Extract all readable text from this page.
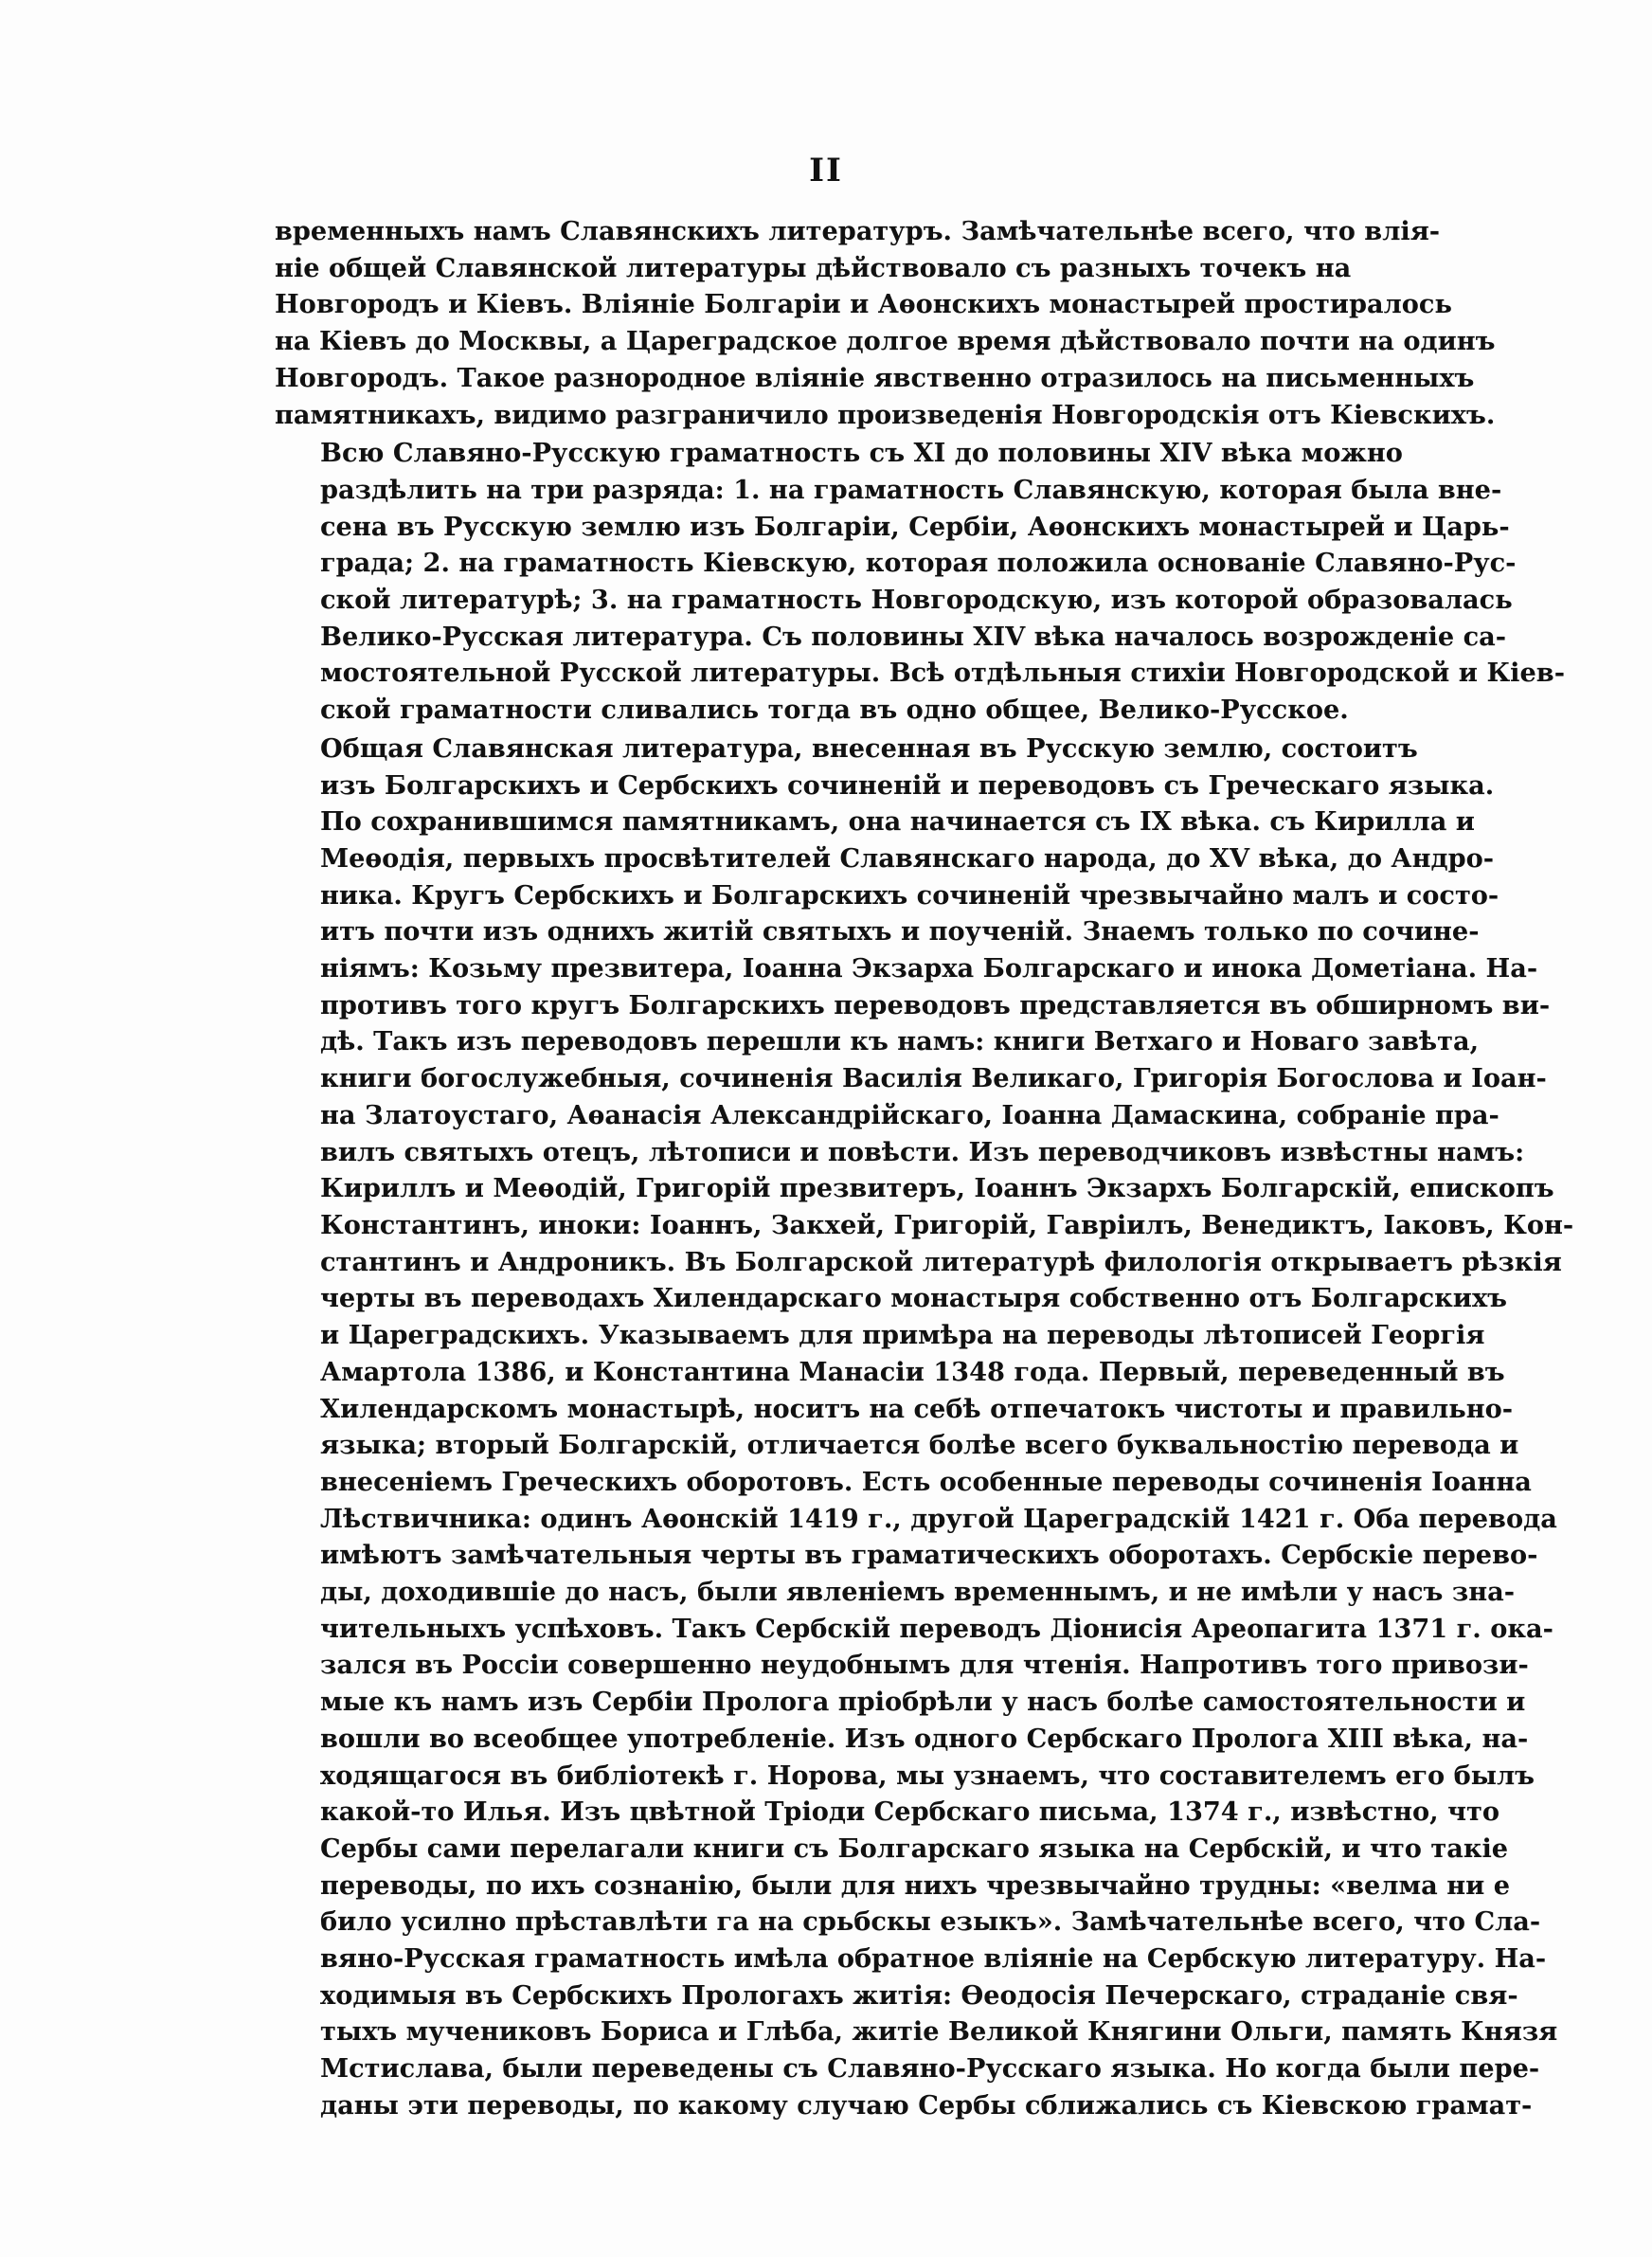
II
временныхъ намъ Славянскихъ литературъ. Замѣчательнѣе всего, что влія-
ніе общей Славянской литературы дѣйствовало съ разныхъ точекъ на
Новгородъ и Кіевъ. Вліяніе Болгаріи и Аѳонскихъ монастырей простиралось
на Кіевъ до Москвы, а Цареградское долгое время дѣйствовало почти на одинъ
Новгородъ. Такое разнородное вліяніе явственно отразилось на письменныхъ
памятникахъ, видимо разграничило произведенія Новгородскія отъ Кіевскихъ.
Всю Славяно-Русскую граматность съ XI до половины XIV вѣка можно
раздѣлить на три разряда: 1. на граматность Славянскую, которая была вне-
сена въ Русскую землю изъ Болгаріи, Сербіи, Аѳонскихъ монастырей и Царь-
града; 2. на граматность Кіевскую, которая положила основаніе Славяно-Рус-
ской литературѣ; 3. на граматность Новгородскую, изъ которой образовалась
Велико-Русская литература. Съ половины XIV вѣка началось возрожденіе са-
мостоятельной Русской литературы. Всѣ отдѣльныя стихіи Новгородской и Кіев-
ской граматности сливались тогда въ одно общее, Велико-Русское.
Общая Славянская литература, внесенная въ Русскую землю, состоитъ
изъ Болгарскихъ и Сербскихъ сочиненій и переводовъ съ Греческаго языка.
По сохранившимся памятникамъ, она начинается съ IX вѣка. съ Кирилла и
Меѳодія, первыхъ просвѣтителей Славянскаго народа, до XV вѣка, до Андро-
ника. Кругъ Сербскихъ и Болгарскихъ сочиненій чрезвычайно малъ и состо-
итъ почти изъ однихъ житій святыхъ и поученій. Знаемъ только по сочине-
ніямъ: Козьму презвитера, Іоанна Экзарха Болгарскаго и инока Дометіана. На-
противъ того кругъ Болгарскихъ переводовъ представляется въ обширномъ ви-
дѣ. Такъ изъ переводовъ перешли къ намъ: книги Ветхаго и Новаго завѣта,
книги богослужебныя, сочиненія Василія Великаго, Григорія Богослова и Іоан-
на Златоустаго, Аѳанасія Александрійскаго, Іоанна Дамаскина, собраніе пра-
вилъ святыхъ отецъ, лѣтописи и повѣсти. Изъ переводчиковъ извѣстны намъ:
Кириллъ и Меѳодій, Григорій презвитеръ, Іоаннъ Экзархъ Болгарскій, епископъ
Константинъ, иноки: Іоаннъ, Закхей, Григорій, Гавріилъ, Венедиктъ, Іаковъ, Кон-
стантинъ и Андроникъ. Въ Болгарской литературѣ филологія открываетъ рѣзкія
черты въ переводахъ Хилендарскаго монастыря собственно отъ Болгарскихъ
и Цареградскихъ. Указываемъ для примѣра на переводы лѣтописей Георгія
Амартола 1386, и Константина Манасіи 1348 года. Первый, переведенный въ
Хилендарскомъ монастырѣ, носитъ на себѣ отпечатокъ чистоты и правильно-
языка; вторый Болгарскій, отличается болѣе всего буквальностію перевода и
внесеніемъ Греческихъ оборотовъ. Есть особенные переводы сочиненія Іоанна
Лѣствичника: одинъ Аѳонскій 1419 г., другой Цареградскій 1421 г. Оба перевода
имѣютъ замѣчательныя черты въ граматическихъ оборотахъ. Сербскіе перево-
ды, доходившіе до насъ, были явленіемъ временнымъ, и не имѣли у насъ зна-
чительныхъ успѣховъ. Такъ Сербскій переводъ Діонисія Ареопагита 1371 г. ока-
зался въ Россіи совершенно неудобнымъ для чтенія. Напротивъ того привози-
мые къ намъ изъ Сербіи Пролога пріобрѣли у насъ болѣе самостоятельности и
вошли во всеобщее употребленіе. Изъ одного Сербскаго Пролога XIII вѣка, на-
ходящагося въ библіотекѣ г. Норова, мы узнаемъ, что составителемъ его былъ
какой-то Илья. Изъ цвѣтной Тріоди Сербскаго письма, 1374 г., извѣстно, что
Сербы сами перелагали книги съ Болгарскаго языка на Сербскій, и что такіе
переводы, по ихъ сознанію, были для нихъ чрезвычайно трудны: «велма ни е
било усилно прѣставлѣти га на срьбскы езыкъ». Замѣчательнѣе всего, что Сла-
вяно-Русская граматность имѣла обратное вліяніе на Сербскую литературу. На-
ходимыя въ Сербскихъ Прологахъ житія: Ѳеодосія Печерскаго, страданіе свя-
тыхъ мучениковъ Бориса и Глѣба, житіе Великой Княгини Ольги, память Князя
Мстислава, были переведены съ Славяно-Русскаго языка. Но когда были пере-
даны эти переводы, по какому случаю Сербы сближались съ Кіевскою грамат-
